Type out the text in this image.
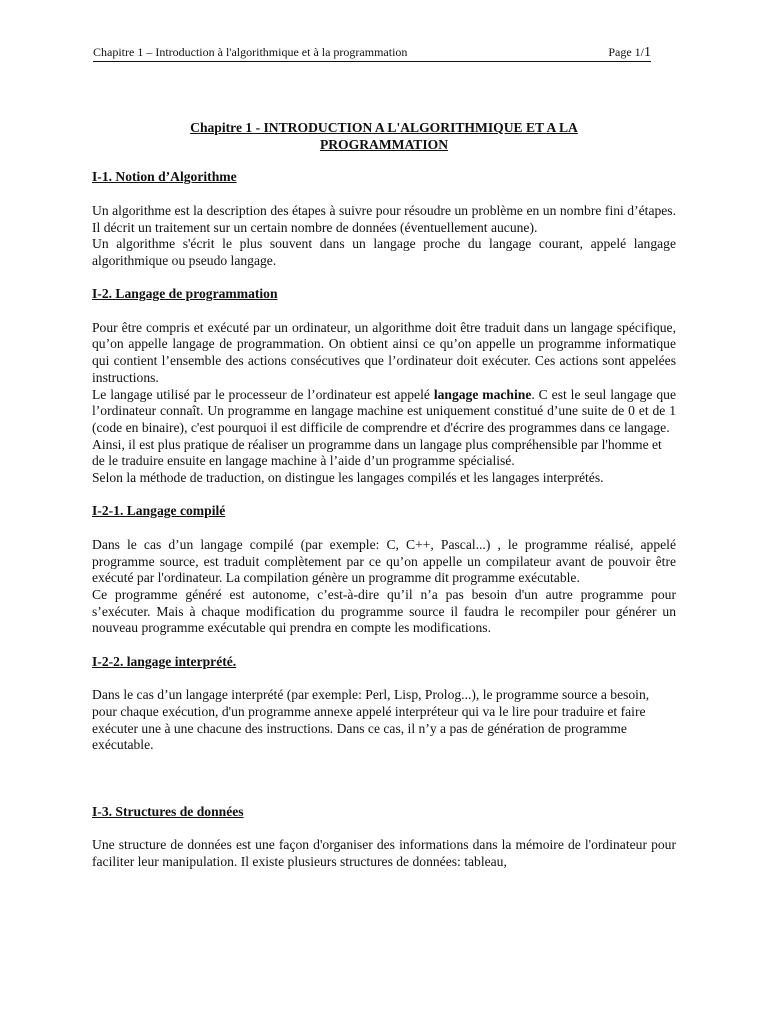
Chapitre 1 – Introduction à l'algorithmique et à la programmation	Page 1/1
Chapitre 1 - INTRODUCTION A L'ALGORITHMIQUE ET A LA PROGRAMMATION
I-1. Notion d’Algorithme

Un algorithme est la description des étapes à suivre pour résoudre un problème en un nombre fini d’étapes. Il décrit un traitement sur un certain nombre de données (éventuellement aucune).

Un algorithme s'écrit le plus souvent dans un langage proche du langage courant, appelé langage algorithmique ou pseudo langage.

I-2. Langage de programmation

Pour être compris et exécuté par un ordinateur, un algorithme doit être traduit dans un langage spécifique, qu’on appelle langage de programmation. On obtient ainsi ce qu’on appelle un programme informatique qui contient l’ensemble des actions consécutives que l’ordinateur doit exécuter. Ces actions sont appelées instructions.

Le langage utilisé par le processeur de l’ordinateur est appelé langage machine. C est le seul langage que l’ordinateur connaît. Un programme en langage machine est uniquement constitué d’une suite de 0 et de 1 (code en binaire), c'est pourquoi il est difficile de comprendre et d'écrire des programmes dans ce langage.

Ainsi, il est plus pratique de réaliser un programme dans un langage plus compréhensible par l'homme et de le traduire ensuite en langage machine à l’aide d’un programme spécialisé.

Selon la méthode de traduction, on distingue les langages compilés et les langages interprétés.

I-2-1. Langage compilé

Dans le cas d’un langage compilé (par exemple: C, C++, Pascal...) , le programme réalisé, appelé programme source, est traduit complètement par ce qu’on appelle un compilateur avant de pouvoir être exécuté par l'ordinateur. La compilation génère un programme dit programme exécutable.

Ce programme généré est autonome, c’est-à-dire qu’il n’a pas besoin d'un autre programme pour s’exécuter. Mais à chaque modification du programme source il faudra le recompiler pour générer un nouveau programme exécutable qui prendra en compte les modifications.

I-2-2. langage interprété.

Dans le cas d’un langage interprété (par exemple: Perl, Lisp, Prolog...), le programme source a besoin, pour chaque exécution, d'un programme annexe appelé interpréteur qui va le lire pour traduire et faire exécuter une à une chacune des instructions. Dans ce cas, il n’y a pas de génération de programme exécutable.

I-3. Structures de données

Une structure de données est une façon d'organiser des informations dans la mémoire de l'ordinateur pour faciliter leur manipulation. Il existe plusieurs structures de données: tableau,
